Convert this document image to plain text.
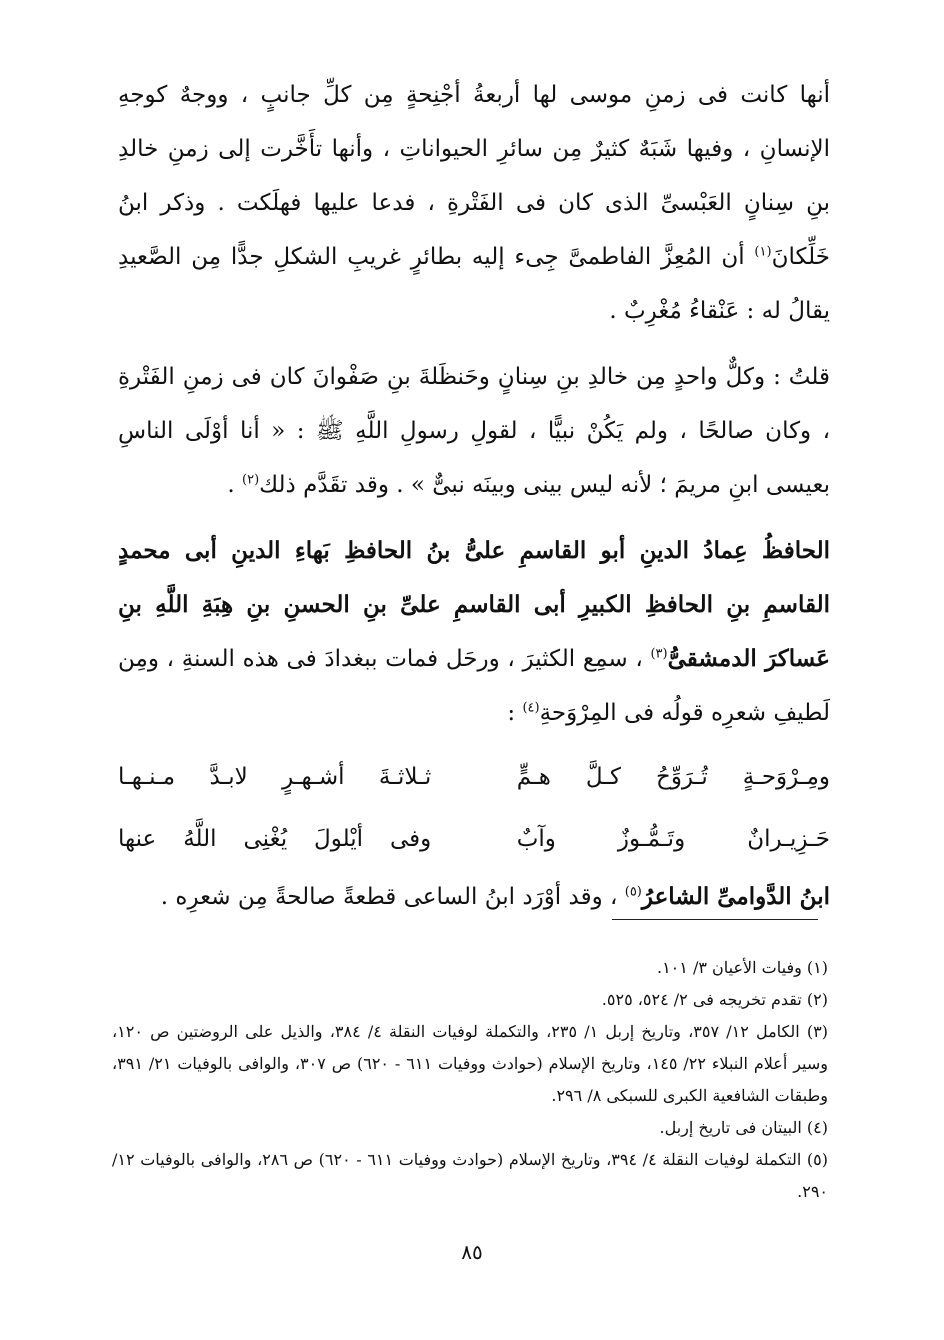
أنها كانت فى زمنِ موسى لها أربعةُ أجْنِحةٍ مِن كلِّ جانبٍ ، ووجهٌ كوجهِ الإنسانِ ، وفيها شَبَهٌ كثيرٌ مِن سائرِ الحيواناتِ ، وأنها تأَخَّرت إلى زمنِ خالدِ بنِ سِنانٍ العَبْسىِّ الذى كان فى الفَتْرةِ ، فدعا عليها فهلَكت . وذكر ابنُ خَلِّكانَ$^{(١)}$ أن المُعِزَّ الفاطمىَّ جِىء إليه بطائرٍ غريبِ الشكلِ جدًّا مِن الصَّعيدِ يقالُ له : عَنْقاءُ مُغْرِبٌ .

قلتُ : وكلٌّ واحدٍ مِن خالدِ بنِ سِنانٍ وحَنظَلةَ بنِ صَفْوانَ كان فى زمنِ الفَتْرةِ ، وكان صالحًا ، ولم يَكُنْ نبيًّا ، لقولِ رسولِ اللَّهِ ﷺ : « أنا أوْلَى الناسِ بعيسى ابنِ مريمَ ؛ لأنه ليس بينى وبينَه نبىٌّ » . وقد تقَدَّم ذلك$^{(٢)}$ .

الحافظُ عِمادُ الدينِ أبو القاسمِ علىُّ بنُ الحافظِ بَهاءِ الدينِ أبى محمدٍ القاسمِ بنِ الحافظِ الكبيرِ أبى القاسمِ علىِّ بنِ الحسنِ بنِ هِبَةِ اللَّهِ بنِ عَساكرَ الدمشقىُّ$^{(٣)}$ ، سمِع الكثيرَ ، ورحَل فمات ببغدادَ فى هذه السنةِ ، ومِن لَطيفِ شعرِه قولُه فى المِرْوَحةِ$^{(٤)}$ :

ومِـرْوَحـةٍ تُـرَوِّحُ كـلَّ هـمٍّ
ثـلاثـةَ أشـهـرٍ لابـدَّ مـنـهـا
حَـزِيـرانٌ وتَـمُّـوزٌ وآبٌ
وفى أيْلولَ يُغْنِى اللَّهُ عنها

ابنُ الدَّوامىِّ الشاعرُ$^{(٥)}$ ، وقد أوْرَد ابنُ الساعى قطعةً صالحةً مِن شعرِه .

(١) وفيات الأعيان ٣/ ١٠١.

(٢) تقدم تخريجه فى ٢/ ٥٢٤، ٥٢٥.

(٣) الكامل ١٢/ ٣٥٧، وتاريخ إربل ١/ ٢٣٥، والتكملة لوفيات النقلة ٤/ ٣٨٤، والذيل على الروضتين ص ١٢٠، وسير أعلام النبلاء ٢٢/ ١٤٥، وتاريخ الإسلام (حوادث ووفيات ٦١١ - ٦٢٠) ص ٣٠٧، والوافى بالوفيات ٢١/ ٣٩١، وطبقات الشافعية الكبرى للسبكى ٨/ ٢٩٦.

(٤) البيتان فى تاريخ إربل.

(٥) التكملة لوفيات النقلة ٤/ ٣٩٤، وتاريخ الإسلام (حوادث ووفيات ٦١١ - ٦٢٠) ص ٢٨٦، والوافى بالوفيات ١٢/ ٢٩٠.

٨٥
